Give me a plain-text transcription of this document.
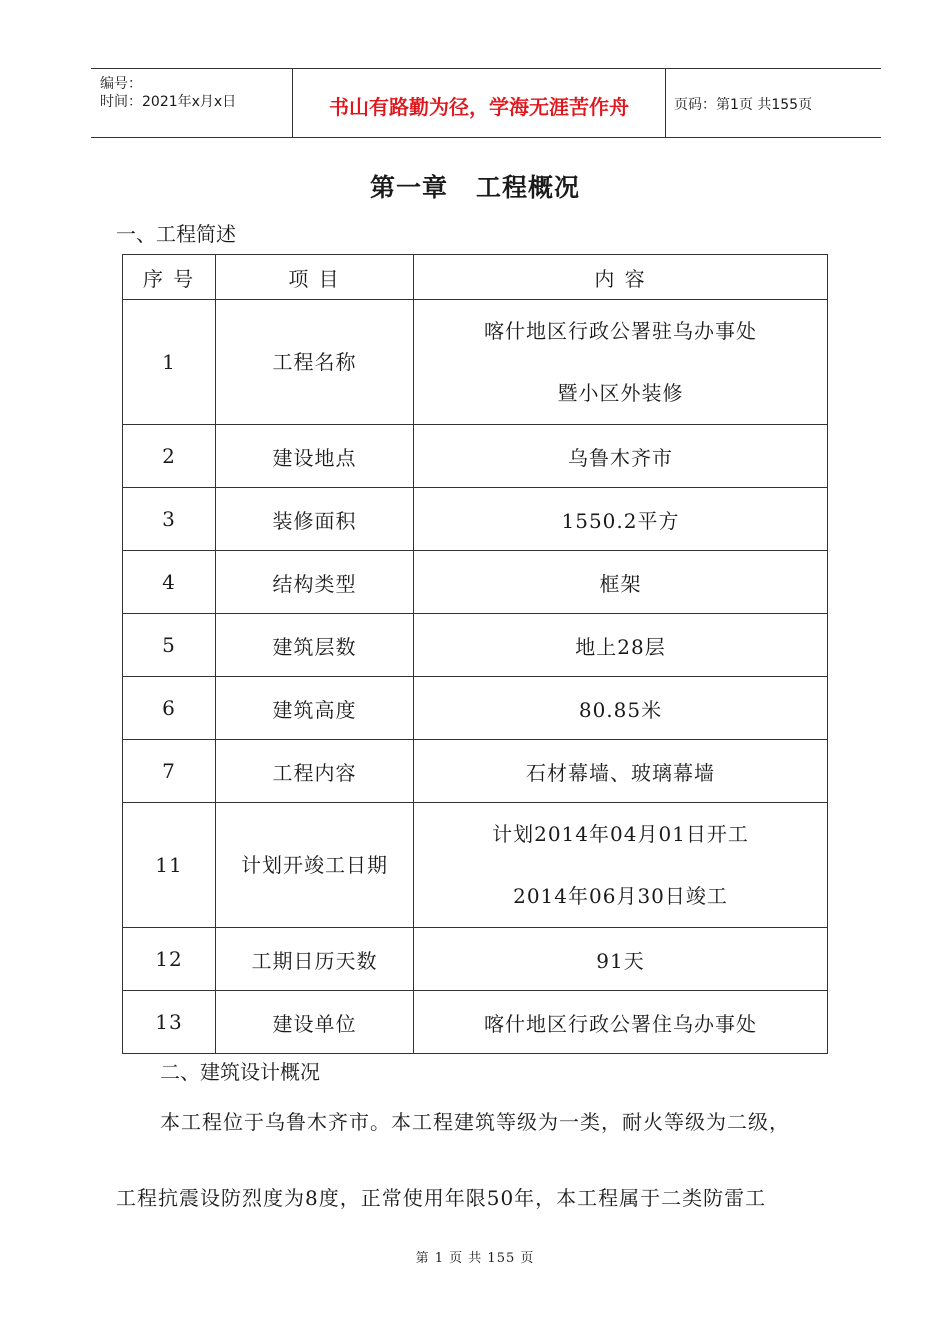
编号：
时间：2021年x月x日	书山有路勤为径，学海无涯苦作舟	页码：第1页 共155页
第一章 工程概况
一、工程简述
序 号	项 目	内 容
1	工程名称	喀什地区行政公署驻乌办事处
暨小区外装修

2	建设地点	乌鲁木齐市

3	装修面积	1550.2平方

4	结构类型	框架

5	建筑层数	地上28层

6	建筑高度	80.85米

7	工程内容	石材幕墙、玻璃幕墙

11	计划开竣工日期	计划2014年04月01日开工
2014年06月30日竣工

12	工期日历天数	91天

13	建设单位	喀什地区行政公署住乌办事处
二、建筑设计概况
本工程位于乌鲁木齐市。本工程建筑等级为一类，耐火等级为二级，
工程抗震设防烈度为8度，正常使用年限50年，本工程属于二类防雷工
第 1 页 共 155 页
